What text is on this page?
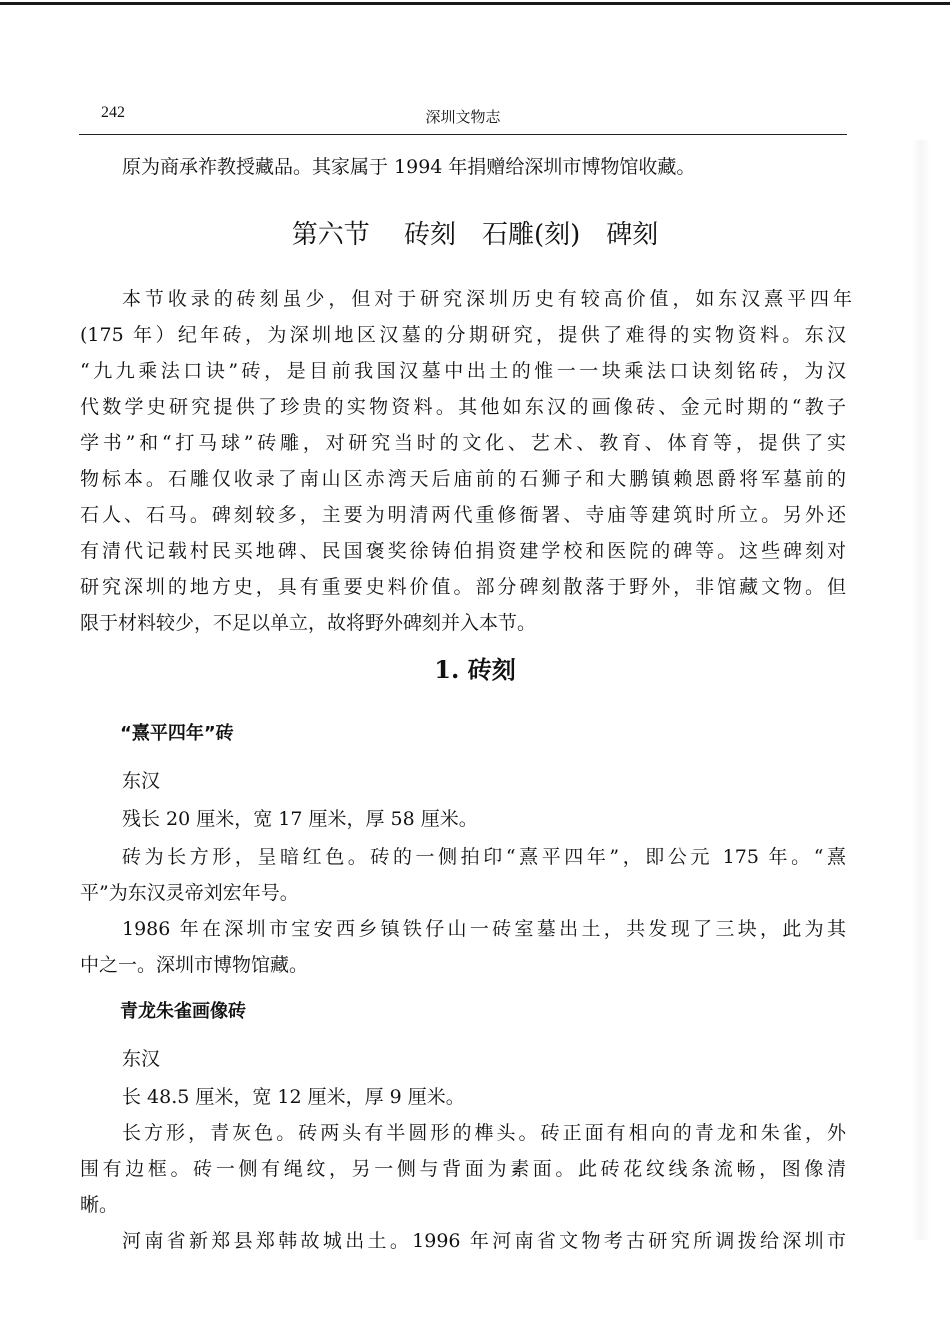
242	深圳文物志
原为商承祚教授藏品。其家属于 1994 年捐赠给深圳市博物馆收藏。
第六节　 砖刻　石雕(刻)　碑刻
本节收录的砖刻虽少，但对于研究深圳历史有较高价值，如东汉熹平四年
(175 年）纪年砖，为深圳地区汉墓的分期研究，提供了难得的实物资料。东汉
“九九乘法口诀”砖，是目前我国汉墓中出土的惟一一块乘法口诀刻铭砖，为汉
代数学史研究提供了珍贵的实物资料。其他如东汉的画像砖、金元时期的“教子
学书”和“打马球”砖雕，对研究当时的文化、艺术、教育、体育等，提供了实
物标本。石雕仅收录了南山区赤湾天后庙前的石狮子和大鹏镇赖恩爵将军墓前的
石人、石马。碑刻较多，主要为明清两代重修衙署、寺庙等建筑时所立。另外还
有清代记载村民买地碑、民国褒奖徐铸伯捐资建学校和医院的碑等。这些碑刻对
研究深圳的地方史，具有重要史料价值。部分碑刻散落于野外，非馆藏文物。但
限于材料较少，不足以单立，故将野外碑刻并入本节。
1. 砖刻
“熹平四年”砖
东汉
残长 20 厘米，宽 17 厘米，厚 58 厘米。
砖为长方形，呈暗红色。砖的一侧拍印“熹平四年”，即公元 175 年。“熹
平”为东汉灵帝刘宏年号。
1986 年在深圳市宝安西乡镇铁仔山一砖室墓出土，共发现了三块，此为其
中之一。深圳市博物馆藏。
青龙朱雀画像砖
东汉
长 48.5 厘米，宽 12 厘米，厚 9 厘米。
长方形，青灰色。砖两头有半圆形的榫头。砖正面有相向的青龙和朱雀，外
围有边框。砖一侧有绳纹，另一侧与背面为素面。此砖花纹线条流畅，图像清
晰。
河南省新郑县郑韩故城出土。1996 年河南省文物考古研究所调拨给深圳市
